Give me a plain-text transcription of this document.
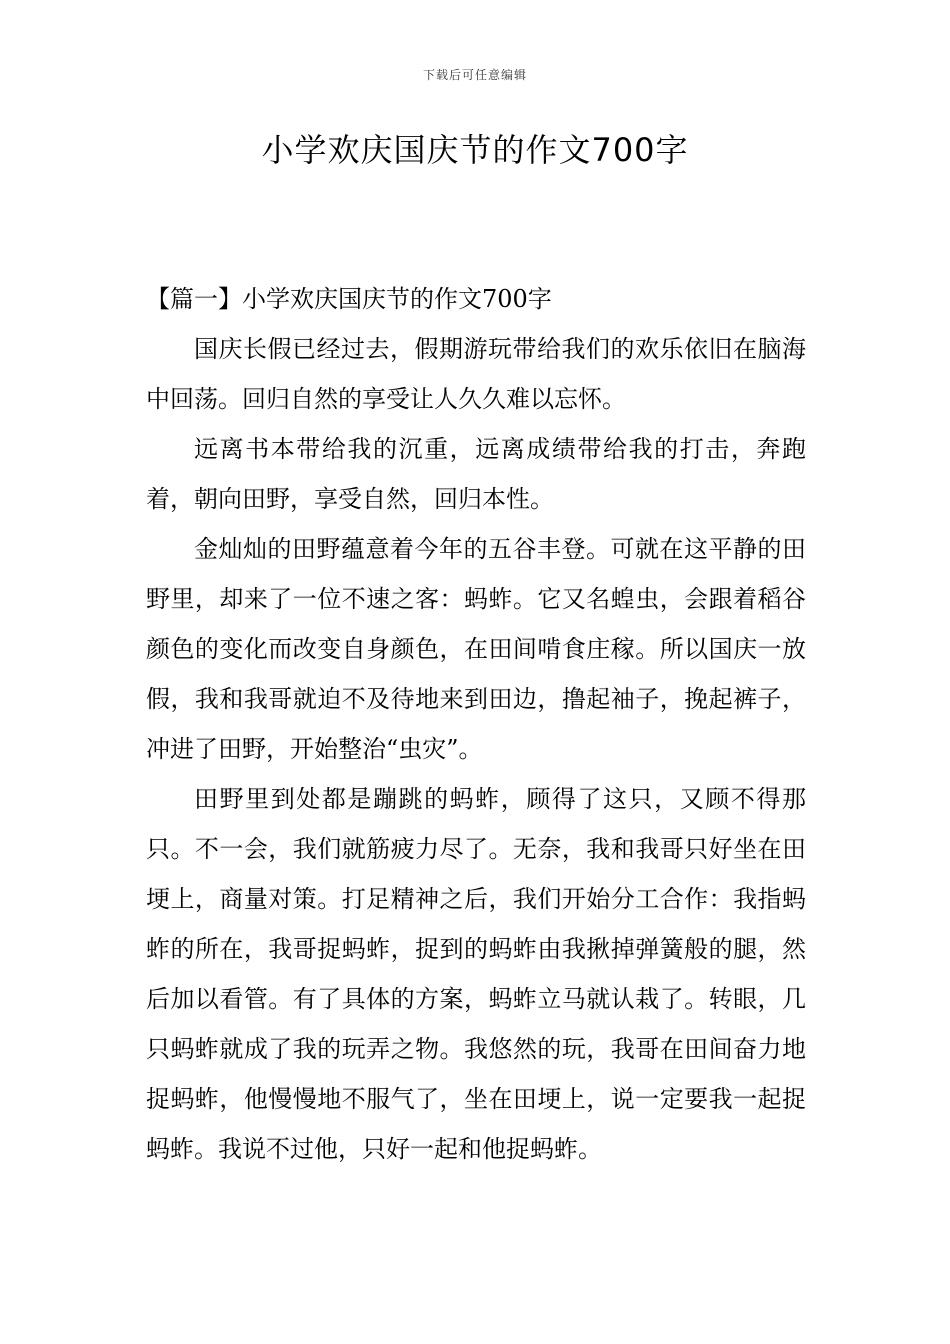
下载后可任意编辑
小学欢庆国庆节的作文700字

【篇一】小学欢庆国庆节的作文700字

国庆长假已经过去，假期游玩带给我们的欢乐依旧在脑海中回荡。回归自然的享受让人久久难以忘怀。

远离书本带给我的沉重，远离成绩带给我的打击，奔跑着，朝向田野，享受自然，回归本性。

金灿灿的田野蕴意着今年的五谷丰登。可就在这平静的田野里，却来了一位不速之客：蚂蚱。它又名蝗虫，会跟着稻谷颜色的变化而改变自身颜色，在田间啃食庄稼。所以国庆一放假，我和我哥就迫不及待地来到田边，撸起袖子，挽起裤子，冲进了田野，开始整治“虫灾”。

田野里到处都是蹦跳的蚂蚱，顾得了这只，又顾不得那只。不一会，我们就筋疲力尽了。无奈，我和我哥只好坐在田埂上，商量对策。打足精神之后，我们开始分工合作：我指蚂蚱的所在，我哥捉蚂蚱，捉到的蚂蚱由我揪掉弹簧般的腿，然后加以看管。有了具体的方案，蚂蚱立马就认栽了。转眼，几只蚂蚱就成了我的玩弄之物。我悠然的玩，我哥在田间奋力地捉蚂蚱，他慢慢地不服气了，坐在田埂上，说一定要我一起捉蚂蚱。我说不过他，只好一起和他捉蚂蚱。
